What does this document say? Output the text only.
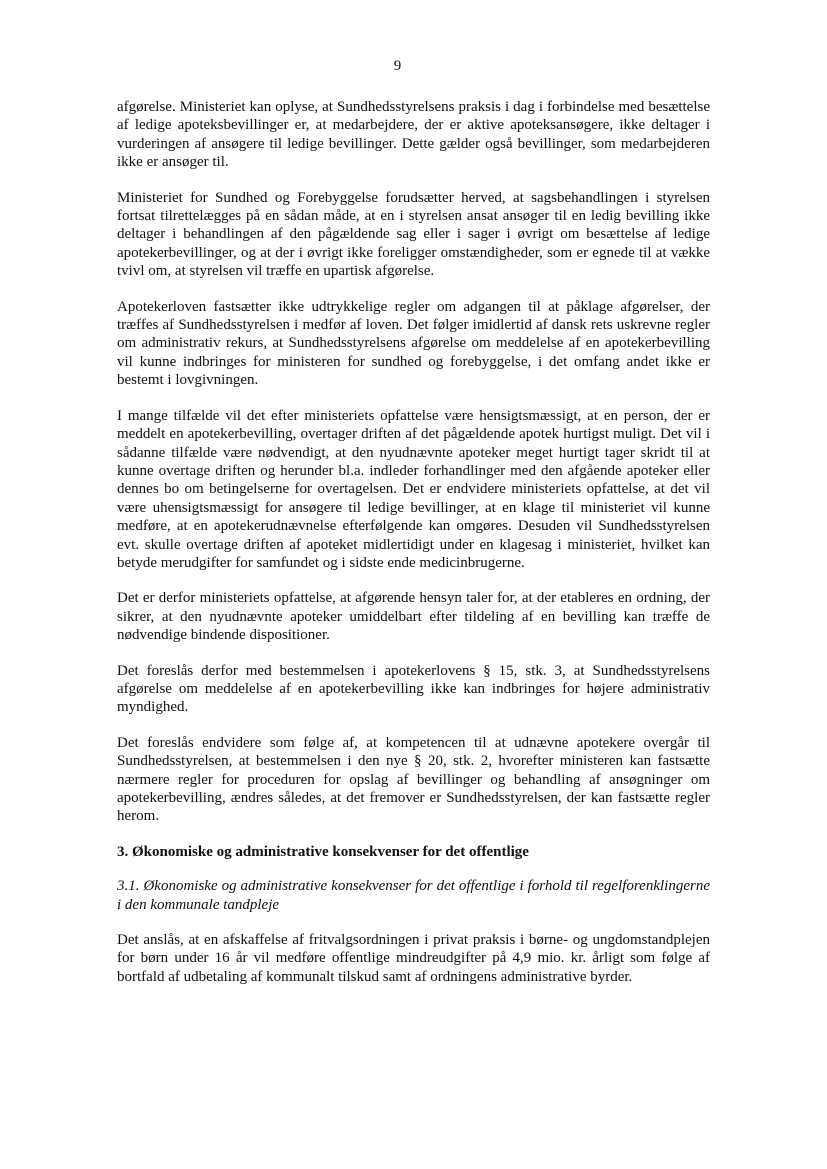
9

afgørelse. Ministeriet kan oplyse, at Sundhedsstyrelsens praksis i dag i forbindelse med besættelse af ledige apoteksbevillinger er, at medarbejdere, der er aktive apoteksansøgere, ikke deltager i vurderingen af ansøgere til ledige bevillinger. Dette gælder også bevillinger, som medarbejderen ikke er ansøger til.

Ministeriet for Sundhed og Forebyggelse forudsætter herved, at sagsbehandlingen i styrelsen fortsat tilrettelægges på en sådan måde, at en i styrelsen ansat ansøger til en ledig bevilling ikke deltager i behandlingen af den pågældende sag eller i sager i øvrigt om besættelse af ledige apotekerbevillinger, og at der i øvrigt ikke foreligger omstændigheder, som er egnede til at vække tvivl om, at styrelsen vil træffe en upartisk afgørelse.

Apotekerloven fastsætter ikke udtrykkelige regler om adgangen til at påklage afgørelser, der træffes af Sundhedsstyrelsen i medfør af loven. Det følger imidlertid af dansk rets uskrevne regler om administrativ rekurs, at Sundhedsstyrelsens afgørelse om meddelelse af en apotekerbevilling vil kunne indbringes for ministeren for sundhed og forebyggelse, i det omfang andet ikke er bestemt i lovgivningen.

I mange tilfælde vil det efter ministeriets opfattelse være hensigtsmæssigt, at en person, der er meddelt en apotekerbevilling, overtager driften af det pågældende apotek hurtigst muligt. Det vil i sådanne tilfælde være nødvendigt, at den nyudnævnte apoteker meget hurtigt tager skridt til at kunne overtage driften og herunder bl.a. indleder forhandlinger med den afgående apoteker eller dennes bo om betingelserne for overtagelsen. Det er endvidere ministeriets opfattelse, at det vil være uhensigtsmæssigt for ansøgere til ledige bevillinger, at en klage til ministeriet vil kunne medføre, at en apotekerudnævnelse efterfølgende kan omgøres. Desuden vil Sundhedsstyrelsen evt. skulle overtage driften af apoteket midlertidigt under en klagesag i ministeriet, hvilket kan betyde merudgifter for samfundet og i sidste ende medicinbrugerne.

Det er derfor ministeriets opfattelse, at afgørende hensyn taler for, at der etableres en ordning, der sikrer, at den nyudnævnte apoteker umiddelbart efter tildeling af en bevilling kan træffe de nødvendige bindende dispositioner.

Det foreslås derfor med bestemmelsen i apotekerlovens § 15, stk. 3, at Sundhedsstyrelsens afgørelse om meddelelse af en apotekerbevilling ikke kan indbringes for højere administrativ myndighed.

Det foreslås endvidere som følge af, at kompetencen til at udnævne apotekere overgår til Sundhedsstyrelsen, at bestemmelsen i den nye § 20, stk. 2, hvorefter ministeren kan fastsætte nærmere regler for proceduren for opslag af bevillinger og behandling af ansøgninger om apotekerbevilling, ændres således, at det fremover er Sundhedsstyrelsen, der kan fastsætte regler herom.

3. Økonomiske og administrative konsekvenser for det offentlige

3.1. Økonomiske og administrative konsekvenser for det offentlige i forhold til regelforenklingerne i den kommunale tandpleje

Det anslås, at en afskaffelse af fritvalgsordningen i privat praksis i børne- og ungdomstandplejen for børn under 16 år vil medføre offentlige mindreudgifter på 4,9 mio. kr. årligt som følge af bortfald af udbetaling af kommunalt tilskud samt af ordningens administrative byrder.
